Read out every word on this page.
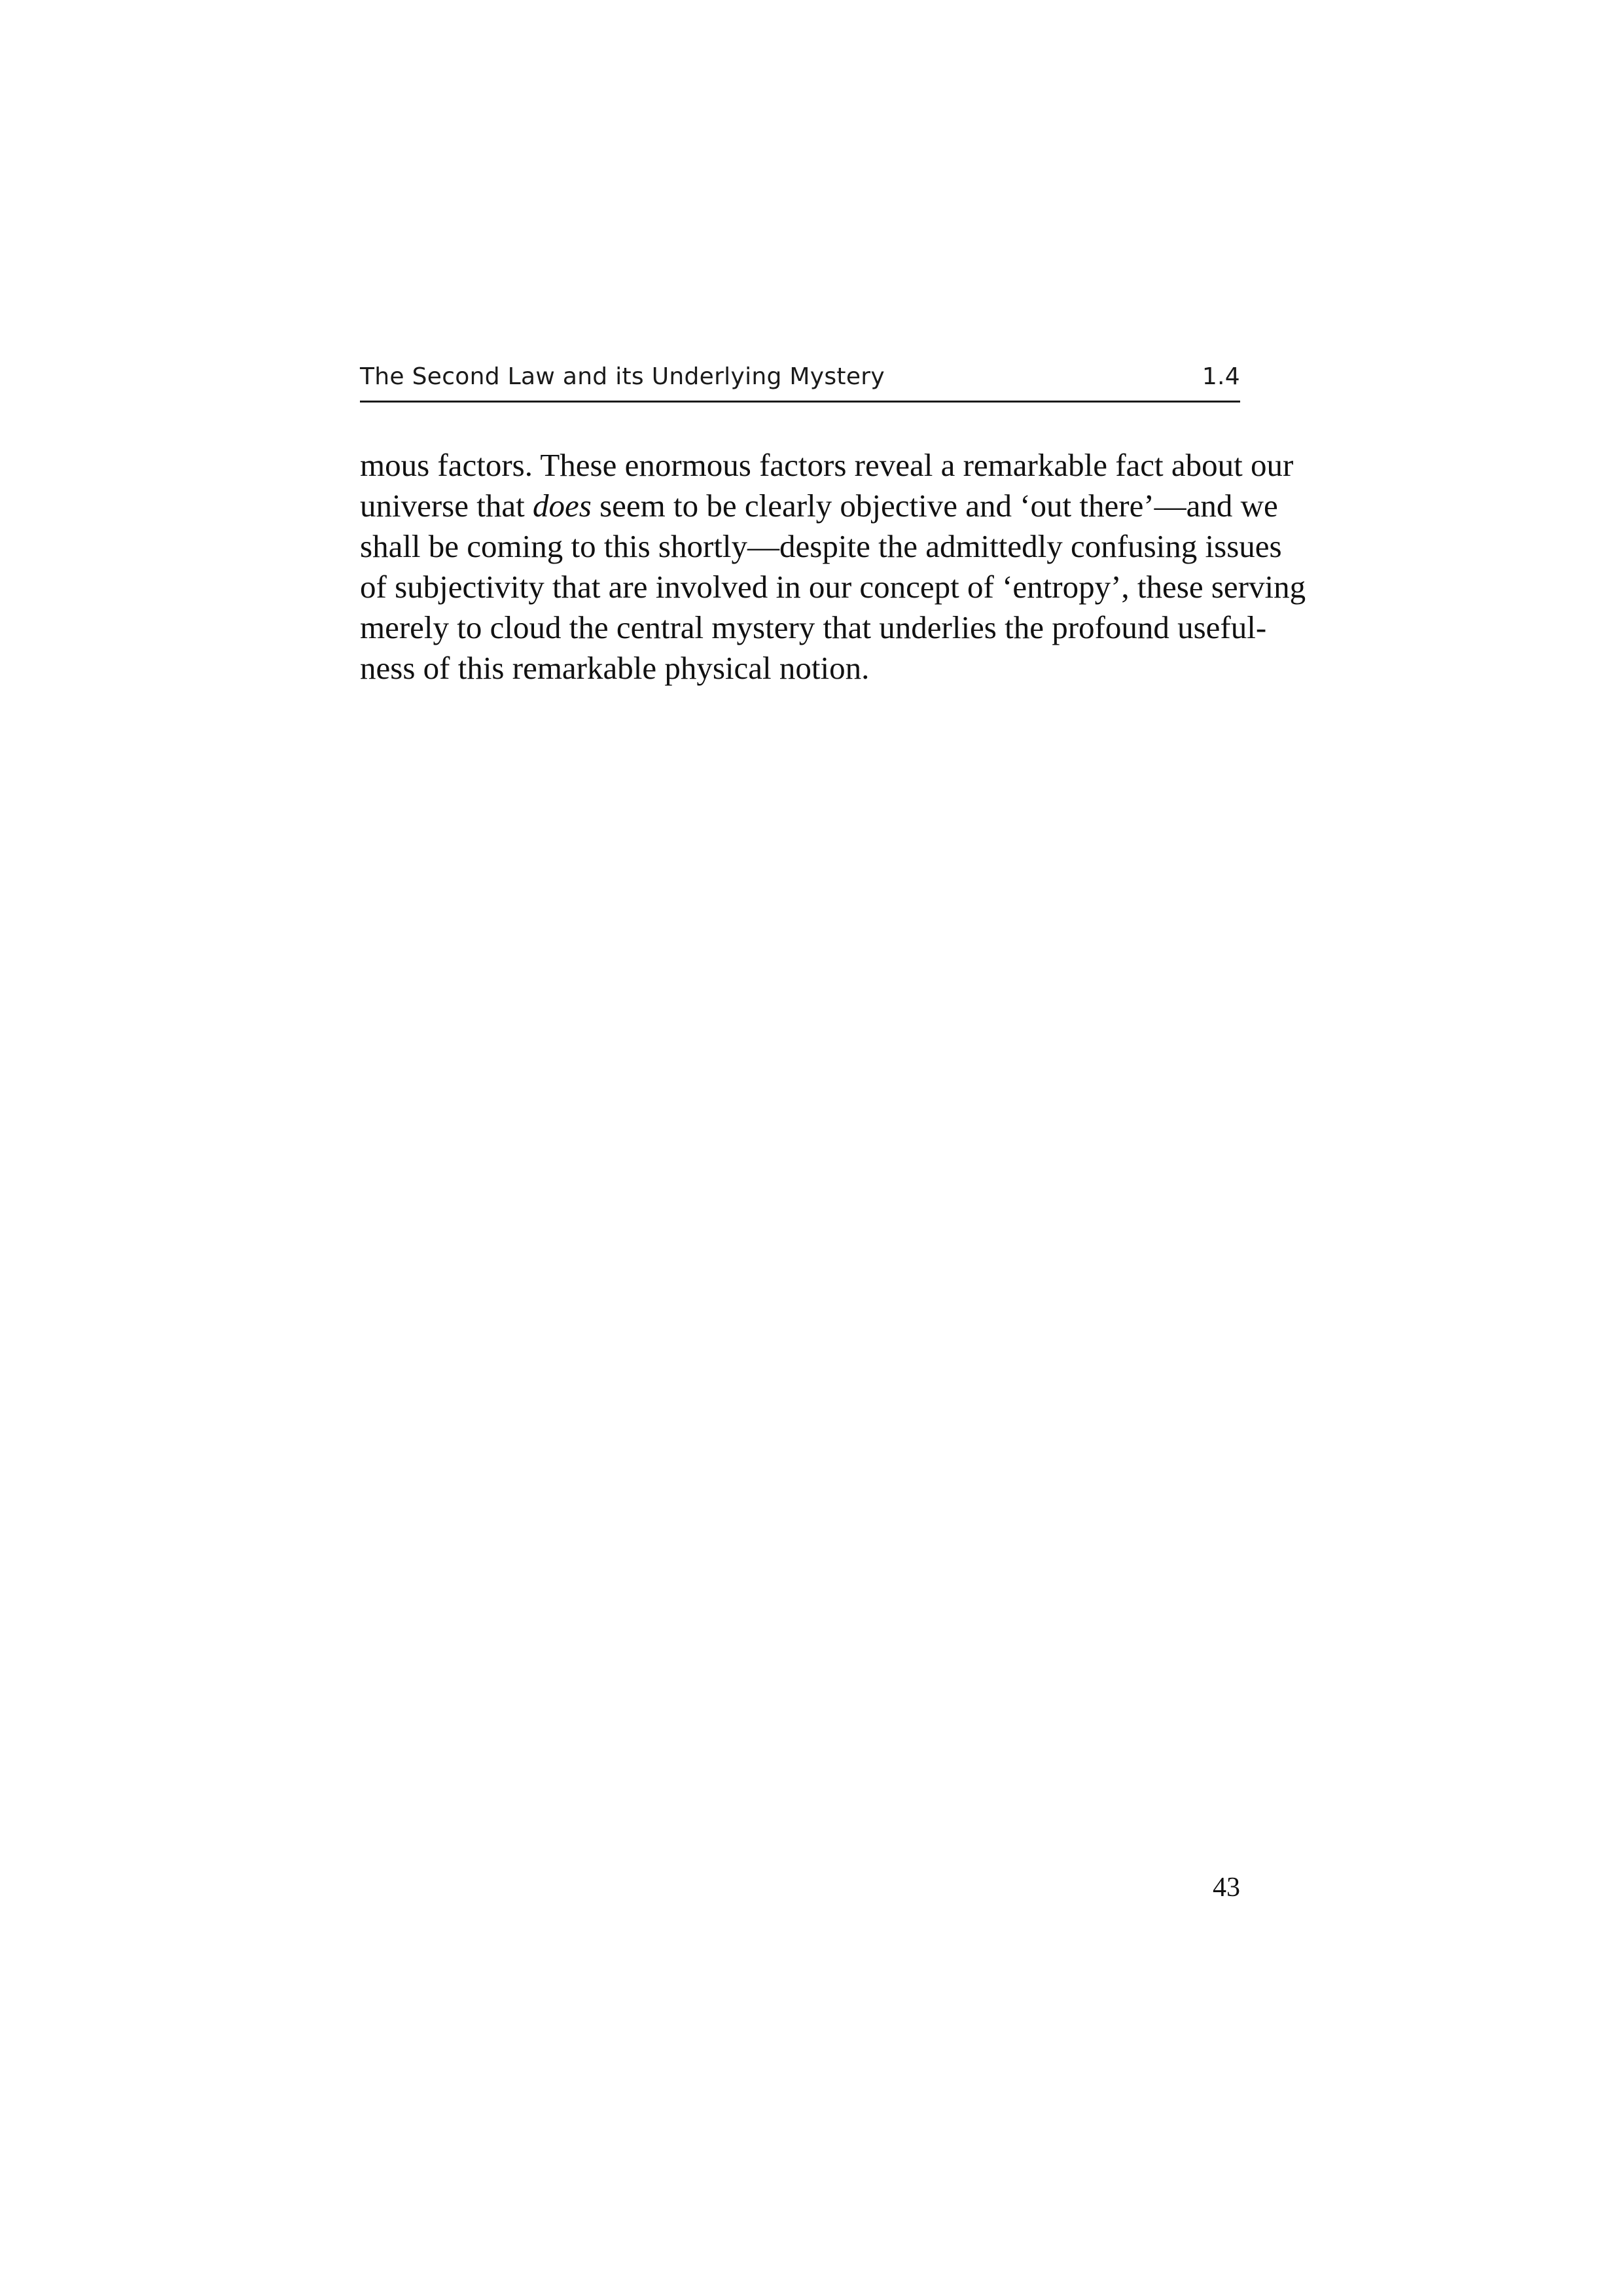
The Second Law and its Underlying Mystery	1.4
mous factors. These enormous factors reveal a remarkable fact about our
universe that does seem to be clearly objective and ‘out there’—and we
shall be coming to this shortly—despite the admittedly confusing issues
of subjectivity that are involved in our concept of ‘entropy’, these serving
merely to cloud the central mystery that underlies the profound useful-
ness of this remarkable physical notion.
43
